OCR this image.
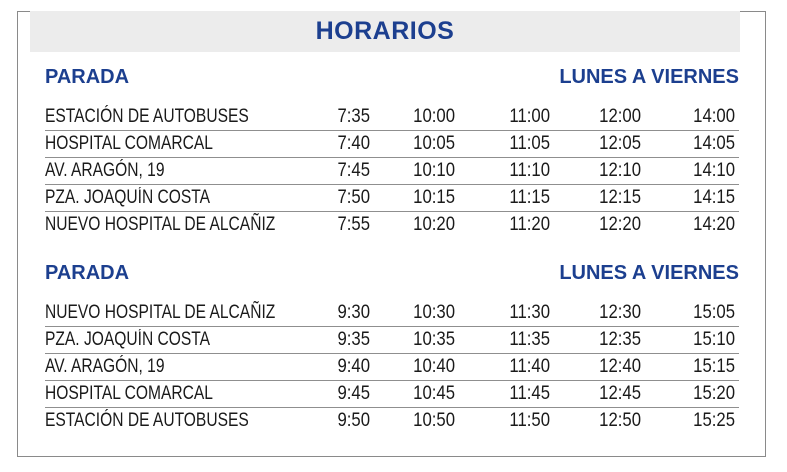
HORARIOS
PARADA	LUNES A VIERNES
ESTACIÓN DE AUTOBUSES	7:35	10:00	11:00	12:00	14:00
HOSPITAL COMARCAL	7:40	10:05	11:05	12:05	14:05
AV. ARAGÓN, 19	7:45	10:10	11:10	12:10	14:10
PZA. JOAQUÍN COSTA	7:50	10:15	11:15	12:15	14:15
NUEVO HOSPITAL DE ALCAÑIZ	7:55	10:20	11:20	12:20	14:20
PARADA	LUNES A VIERNES
NUEVO HOSPITAL DE ALCAÑIZ	9:30	10:30	11:30	12:30	15:05
PZA. JOAQUÍN COSTA	9:35	10:35	11:35	12:35	15:10
AV. ARAGÓN, 19	9:40	10:40	11:40	12:40	15:15
HOSPITAL COMARCAL	9:45	10:45	11:45	12:45	15:20
ESTACIÓN DE AUTOBUSES	9:50	10:50	11:50	12:50	15:25
